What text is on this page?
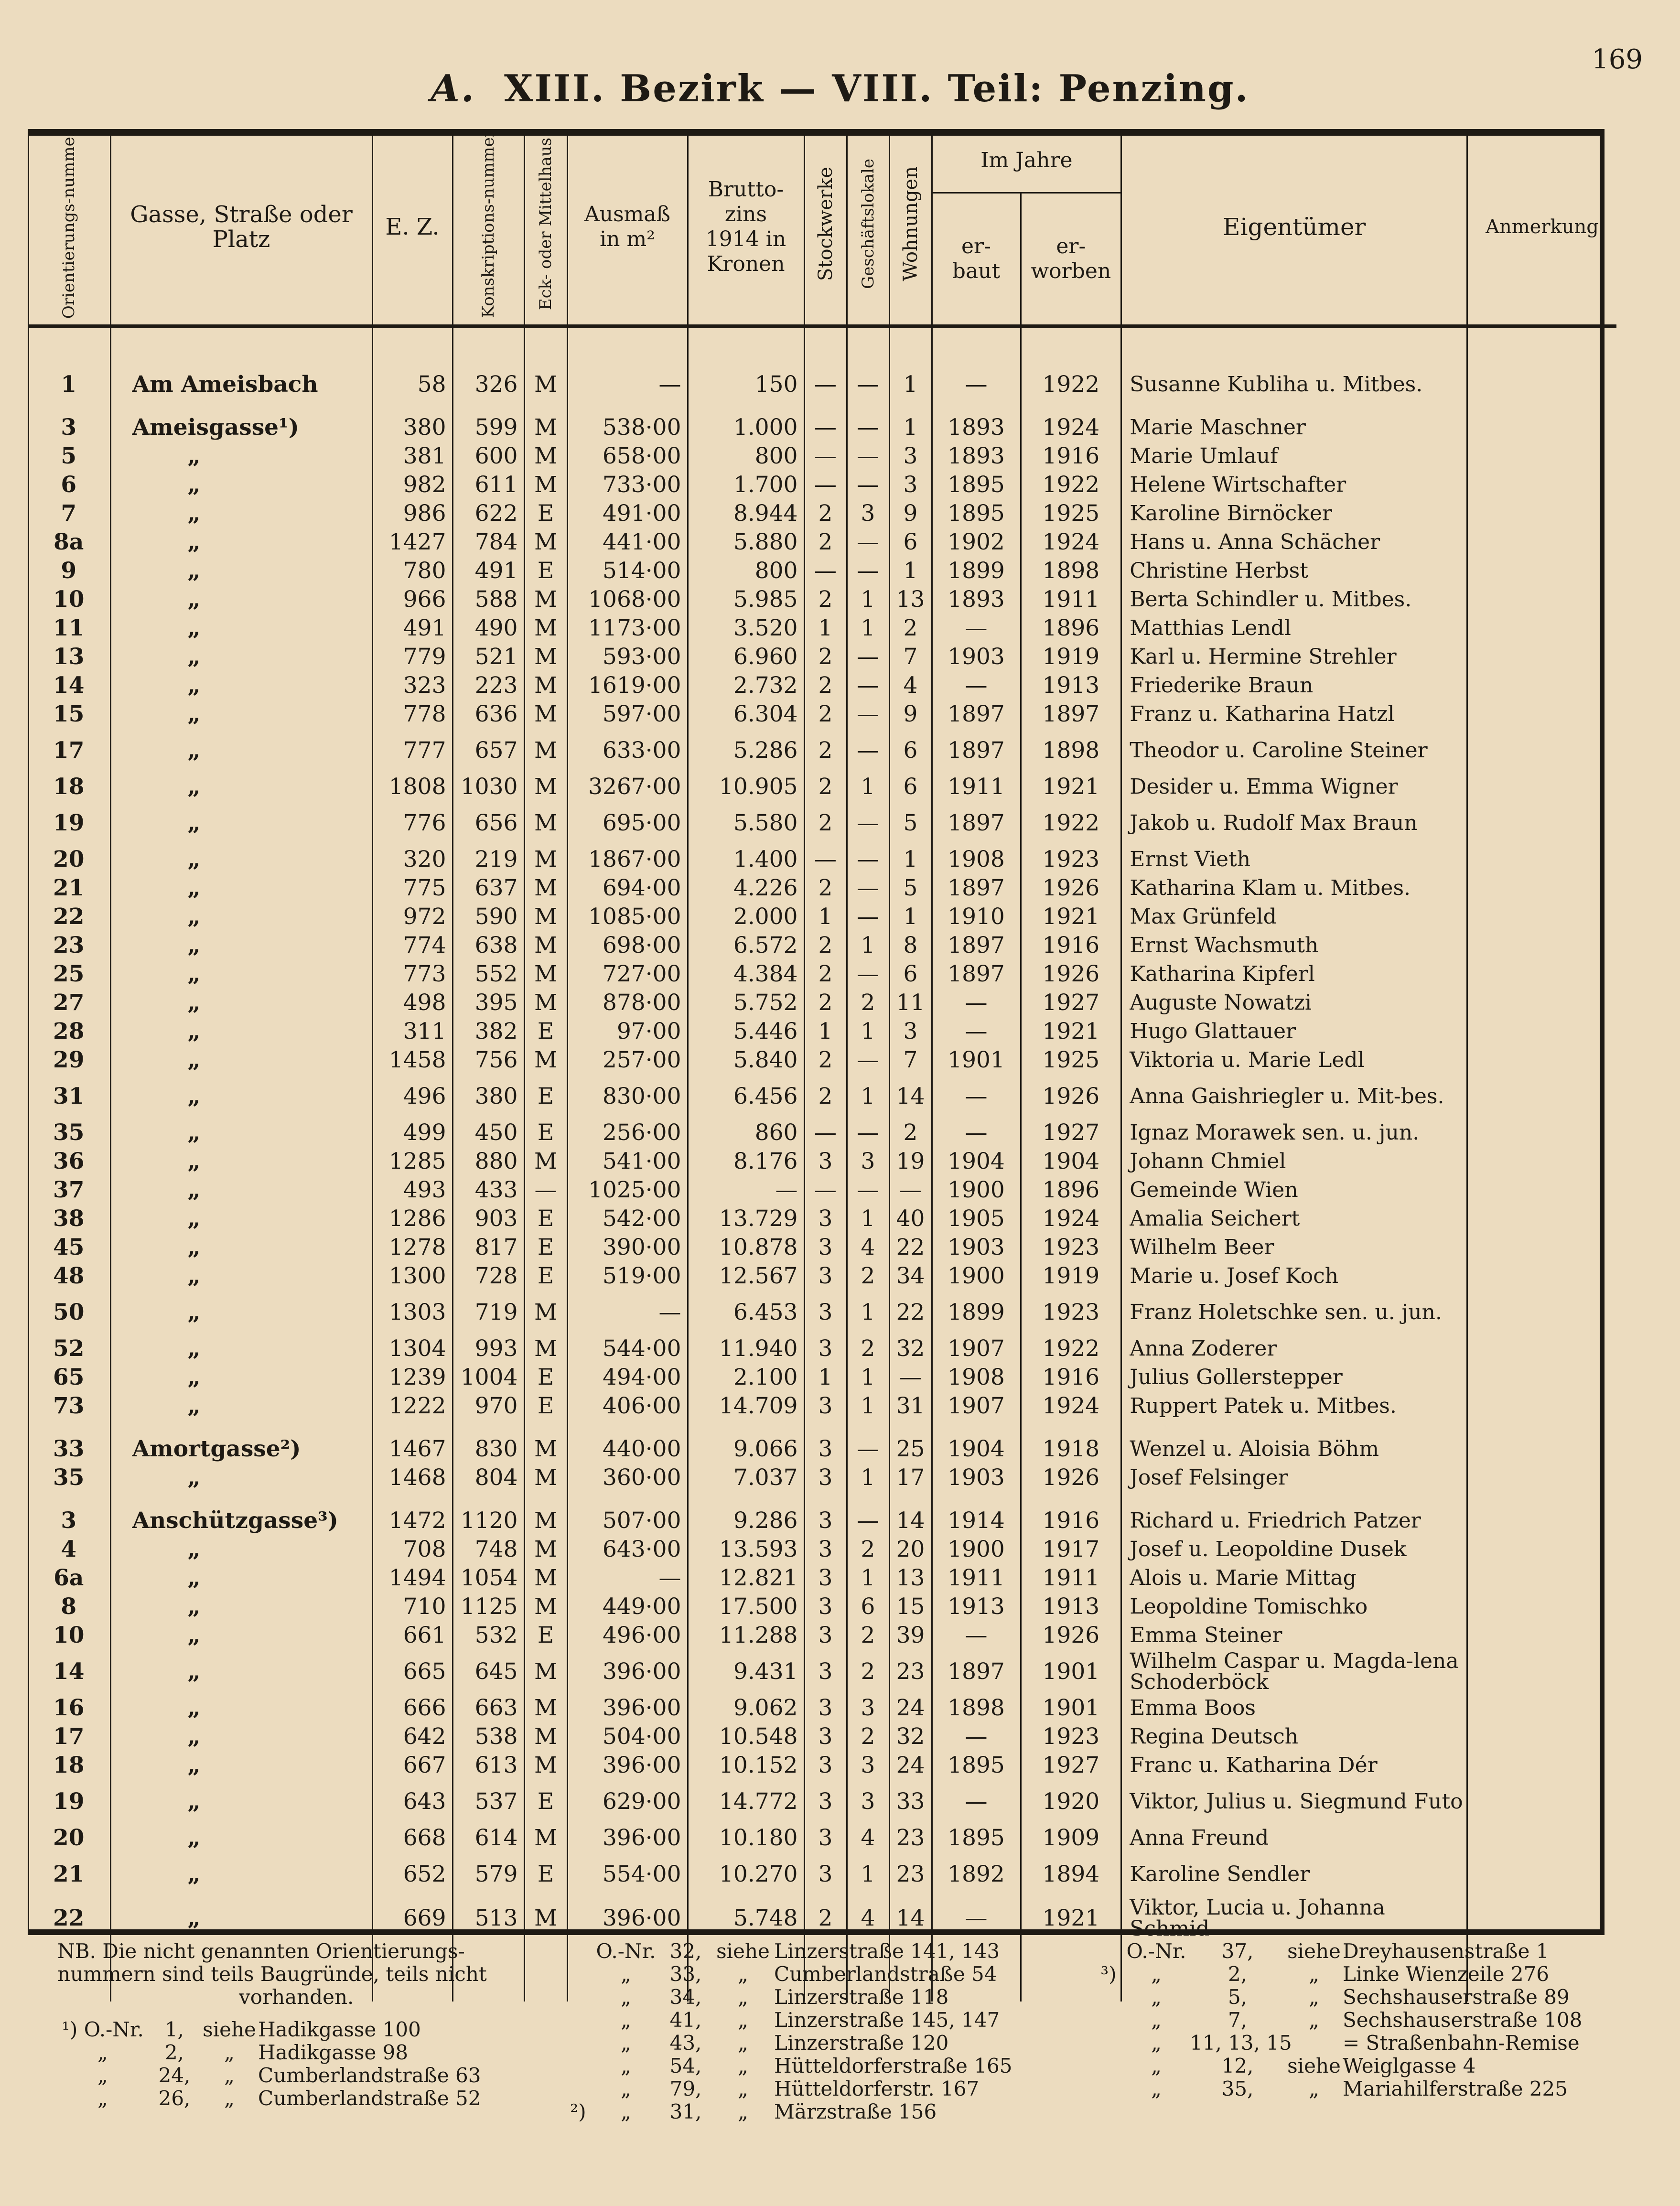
A. XIII. Bezirk — VIII. Teil: Penzing.
169
Orientierungs-nummer	Gasse, Straße oder Platz	E. Z.	Konskriptions-nummer	Eck- oder Mittelhaus	Ausmaß in m²	Brutto-zins 1914 in Kronen	Stockwerke	Geschäftslokale	Wohnungen	Im Jahre		Eigentümer	Anmerkung
										er-baut	er-worben		

1	Am Ameisbach	58	326	M	—	150	—	—	1	—	1922	Susanne Kubliha u. Mitbes.	

3	Ameisgasse¹)	380	599	M	538·00	1.000	—	—	1	1893	1924	Marie Maschner	
5	„	381	600	M	658·00	800	—	—	3	1893	1916	Marie Umlauf	
6	„	982	611	M	733·00	1.700	—	—	3	1895	1922	Helene Wirtschafter	
7	„	986	622	E	491·00	8.944	2	3	9	1895	1925	Karoline Birnöcker	
8a	„	1427	784	M	441·00	5.880	2	—	6	1902	1924	Hans u. Anna Schächer	
9	„	780	491	E	514·00	800	—	—	1	1899	1898	Christine Herbst	
10	„	966	588	M	1068·00	5.985	2	1	13	1893	1911	Berta Schindler u. Mitbes.	
11	„	491	490	M	1173·00	3.520	1	1	2	—	1896	Matthias Lendl	
13	„	779	521	M	593·00	6.960	2	—	7	1903	1919	Karl u. Hermine Strehler	
14	„	323	223	M	1619·00	2.732	2	—	4	—	1913	Friederike Braun	
15	„	778	636	M	597·00	6.304	2	—	9	1897	1897	Franz u. Katharina Hatzl	
17	„	777	657	M	633·00	5.286	2	—	6	1897	1898	Theodor u. Caroline Steiner	
18	„	1808	1030	M	3267·00	10.905	2	1	6	1911	1921	Desider u. Emma Wigner	
19	„	776	656	M	695·00	5.580	2	—	5	1897	1922	Jakob u. Rudolf Max Braun	
20	„	320	219	M	1867·00	1.400	—	—	1	1908	1923	Ernst Vieth	
21	„	775	637	M	694·00	4.226	2	—	5	1897	1926	Katharina Klam u. Mitbes.	
22	„	972	590	M	1085·00	2.000	1	—	1	1910	1921	Max Grünfeld	
23	„	774	638	M	698·00	6.572	2	1	8	1897	1916	Ernst Wachsmuth	
25	„	773	552	M	727·00	4.384	2	—	6	1897	1926	Katharina Kipferl	
27	„	498	395	M	878·00	5.752	2	2	11	—	1927	Auguste Nowatzi	
28	„	311	382	E	97·00	5.446	1	1	3	—	1921	Hugo Glattauer	
29	„	1458	756	M	257·00	5.840	2	—	7	1901	1925	Viktoria u. Marie Ledl	
31	„	496	380	E	830·00	6.456	2	1	14	—	1926	Anna Gaishriegler u. Mit-bes.	
35	„	499	450	E	256·00	860	—	—	2	—	1927	Ignaz Morawek sen. u. jun.	
36	„	1285	880	M	541·00	8.176	3	3	19	1904	1904	Johann Chmiel	
37	„	493	433	—	1025·00	—	—	—	—	1900	1896	Gemeinde Wien	
38	„	1286	903	E	542·00	13.729	3	1	40	1905	1924	Amalia Seichert	
45	„	1278	817	E	390·00	10.878	3	4	22	1903	1923	Wilhelm Beer	
48	„	1300	728	E	519·00	12.567	3	2	34	1900	1919	Marie u. Josef Koch	
50	„	1303	719	M	—	6.453	3	1	22	1899	1923	Franz Holetschke sen. u. jun.	
52	„	1304	993	M	544·00	11.940	3	2	32	1907	1922	Anna Zoderer	
65	„	1239	1004	E	494·00	2.100	1	1	—	1908	1916	Julius Gollerstepper	
73	„	1222	970	E	406·00	14.709	3	1	31	1907	1924	Ruppert Patek u. Mitbes.	

33	Amortgasse²)	1467	830	M	440·00	9.066	3	—	25	1904	1918	Wenzel u. Aloisia Böhm	
35	„	1468	804	M	360·00	7.037	3	1	17	1903	1926	Josef Felsinger	

3	Anschützgasse³)	1472	1120	M	507·00	9.286	3	—	14	1914	1916	Richard u. Friedrich Patzer	
4	„	708	748	M	643·00	13.593	3	2	20	1900	1917	Josef u. Leopoldine Dusek	
6a	„	1494	1054	M	—	12.821	3	1	13	1911	1911	Alois u. Marie Mittag	
8	„	710	1125	M	449·00	17.500	3	6	15	1913	1913	Leopoldine Tomischko	
10	„	661	532	E	496·00	11.288	3	2	39	—	1926	Emma Steiner	
14	„	665	645	M	396·00	9.431	3	2	23	1897	1901	Wilhelm Caspar u. Magda-lena Schoderböck	
16	„	666	663	M	396·00	9.062	3	3	24	1898	1901	Emma Boos	
17	„	642	538	M	504·00	10.548	3	2	32	—	1923	Regina Deutsch	
18	„	667	613	M	396·00	10.152	3	3	24	1895	1927	Franc u. Katharina Dér	
19	„	643	537	E	629·00	14.772	3	3	33	—	1920	Viktor, Julius u. Siegmund Futo	
20	„	668	614	M	396·00	10.180	3	4	23	1895	1909	Anna Freund	
21	„	652	579	E	554·00	10.270	3	1	23	1892	1894	Karoline Sendler	
22	„	669	513	M	396·00	5.748	2	4	14	—	1921	Viktor, Lucia u. Johanna Schmid	

NB. Die nicht genannten Orientierungs-
nummern sind teils Baugründe, teils nicht
vorhanden.
¹) O.-Nr. 1, sieheHadikgasse 100
„	2, „ Hadikgasse 98
„	24, „ Cumberlandstraße 63
„	26, „ Cumberlandstraße 52
O.-Nr. 32, siehe Linzerstraße 141, 143
„ 33, „ Cumberlandstraße 54
„ 34, „ Linzerstraße 118
„ 41, „ Linzerstraße 145, 147
„ 43, „ Linzerstraße 120
„ 54, „ Hütteldorferstraße 165
„ 79, „ Hütteldorferstr. 167
²) „ 31, „ Märzstraße 156
O.-Nr. 37, sieheDreyhausenstraße 1
³) „	2,	„ Linke Wienzeile 276
„	5,	„ Sechshauserstraße 89
„	7,	„ Sechshauserstraße 108
„ 11, 13, 15	= Straßenbahn-Remise
„	12, sieheWeiglgasse 4
„	35,	„ Mariahilferstraße 225
